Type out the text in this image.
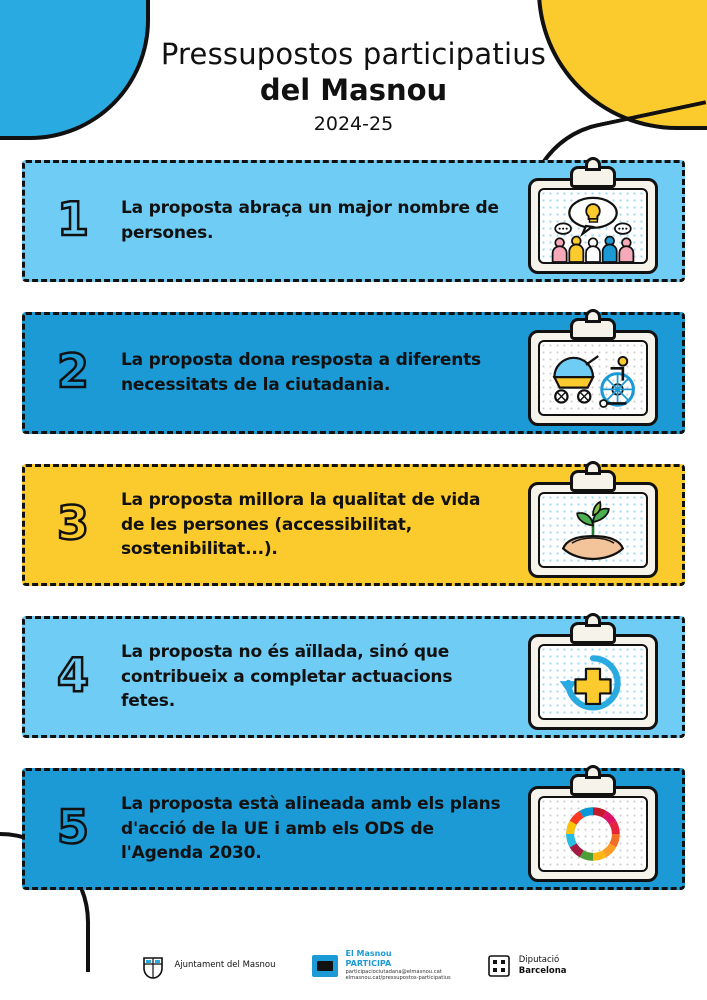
Pressupostos participatius
del Masnou
2024-25
1	La proposta abraça un major nombre de persones.
2	La proposta dona resposta a diferents necessitats de la ciutadania.
3	La proposta millora la qualitat de vida de les persones (accessibilitat, sostenibilitat...).
4	La proposta no és aïllada, sinó que contribueix a completar actuacions fetes.
5	La proposta està alineada amb els plans d'acció de la UE i amb els ODS de l'Agenda 2030.
Ajuntament del Masnou
El Masnou
PARTICIPA
participaciociutadana@elmasnou.cat
elmasnou.cat/pressupostos-participatius
Diputació
Barcelona
